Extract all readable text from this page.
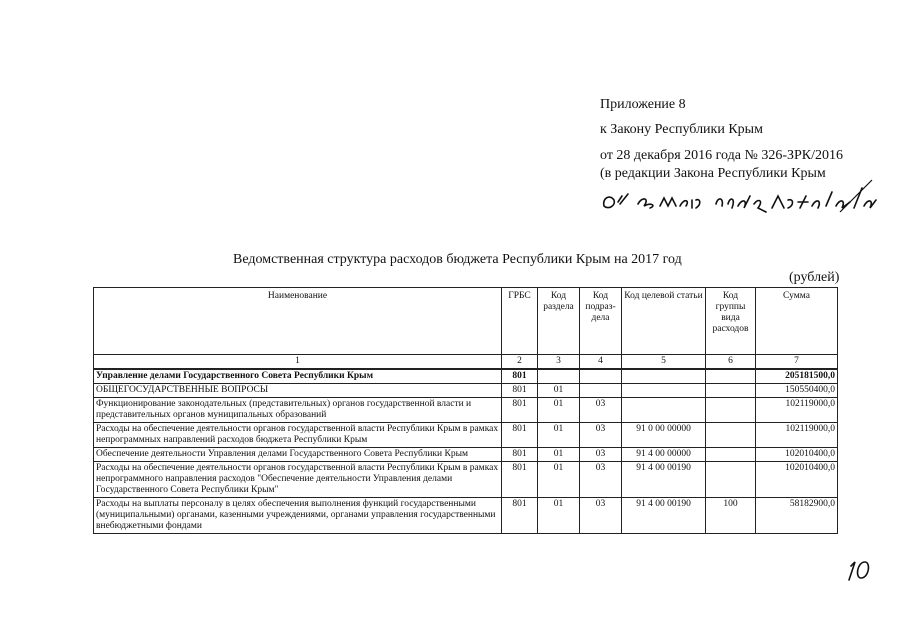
Приложение 8
к Закону Республики Крым
от 28 декабря 2016 года № 326-ЗРК/2016
(в редакции Закона Республики Крым
Ведомственная структура расходов бюджета Республики Крым на 2017 год
(рублей)
Наименование	ГРБС	Код раздела	Код подраз-дела	Код целевой статьи	Код группы вида расходов	Сумма
1	2	3	4	5	6	7
Управление делами Государственного Совета Республики Крым	801					205181500,0
ОБЩЕГОСУДАРСТВЕННЫЕ ВОПРОСЫ	801	01				150550400,0
Функционирование законодательных (представительных) органов государственной власти и представительных органов муниципальных образований	801	01	03			102119000,0
Расходы на обеспечение деятельности органов государственной власти Республики Крым в рамках непрограммных направлений расходов бюджета Республики Крым	801	01	03	91 0 00 00000		102119000,0
Обеспечение деятельности Управления делами Государственного Совета Республики Крым	801	01	03	91 4 00 00000		102010400,0
Расходы на обеспечение деятельности органов государственной власти Республики Крым в рамках непрограммного направления расходов "Обеспечение деятельности Управления делами Государственного Совета Республики Крым"	801	01	03	91 4 00 00190		102010400,0
Расходы на выплаты персоналу в целях обеспечения выполнения функций государственными (муниципальными) органами, казенными учреждениями, органами управления государственными внебюджетными фондами	801	01	03	91 4 00 00190	100	58182900,0
